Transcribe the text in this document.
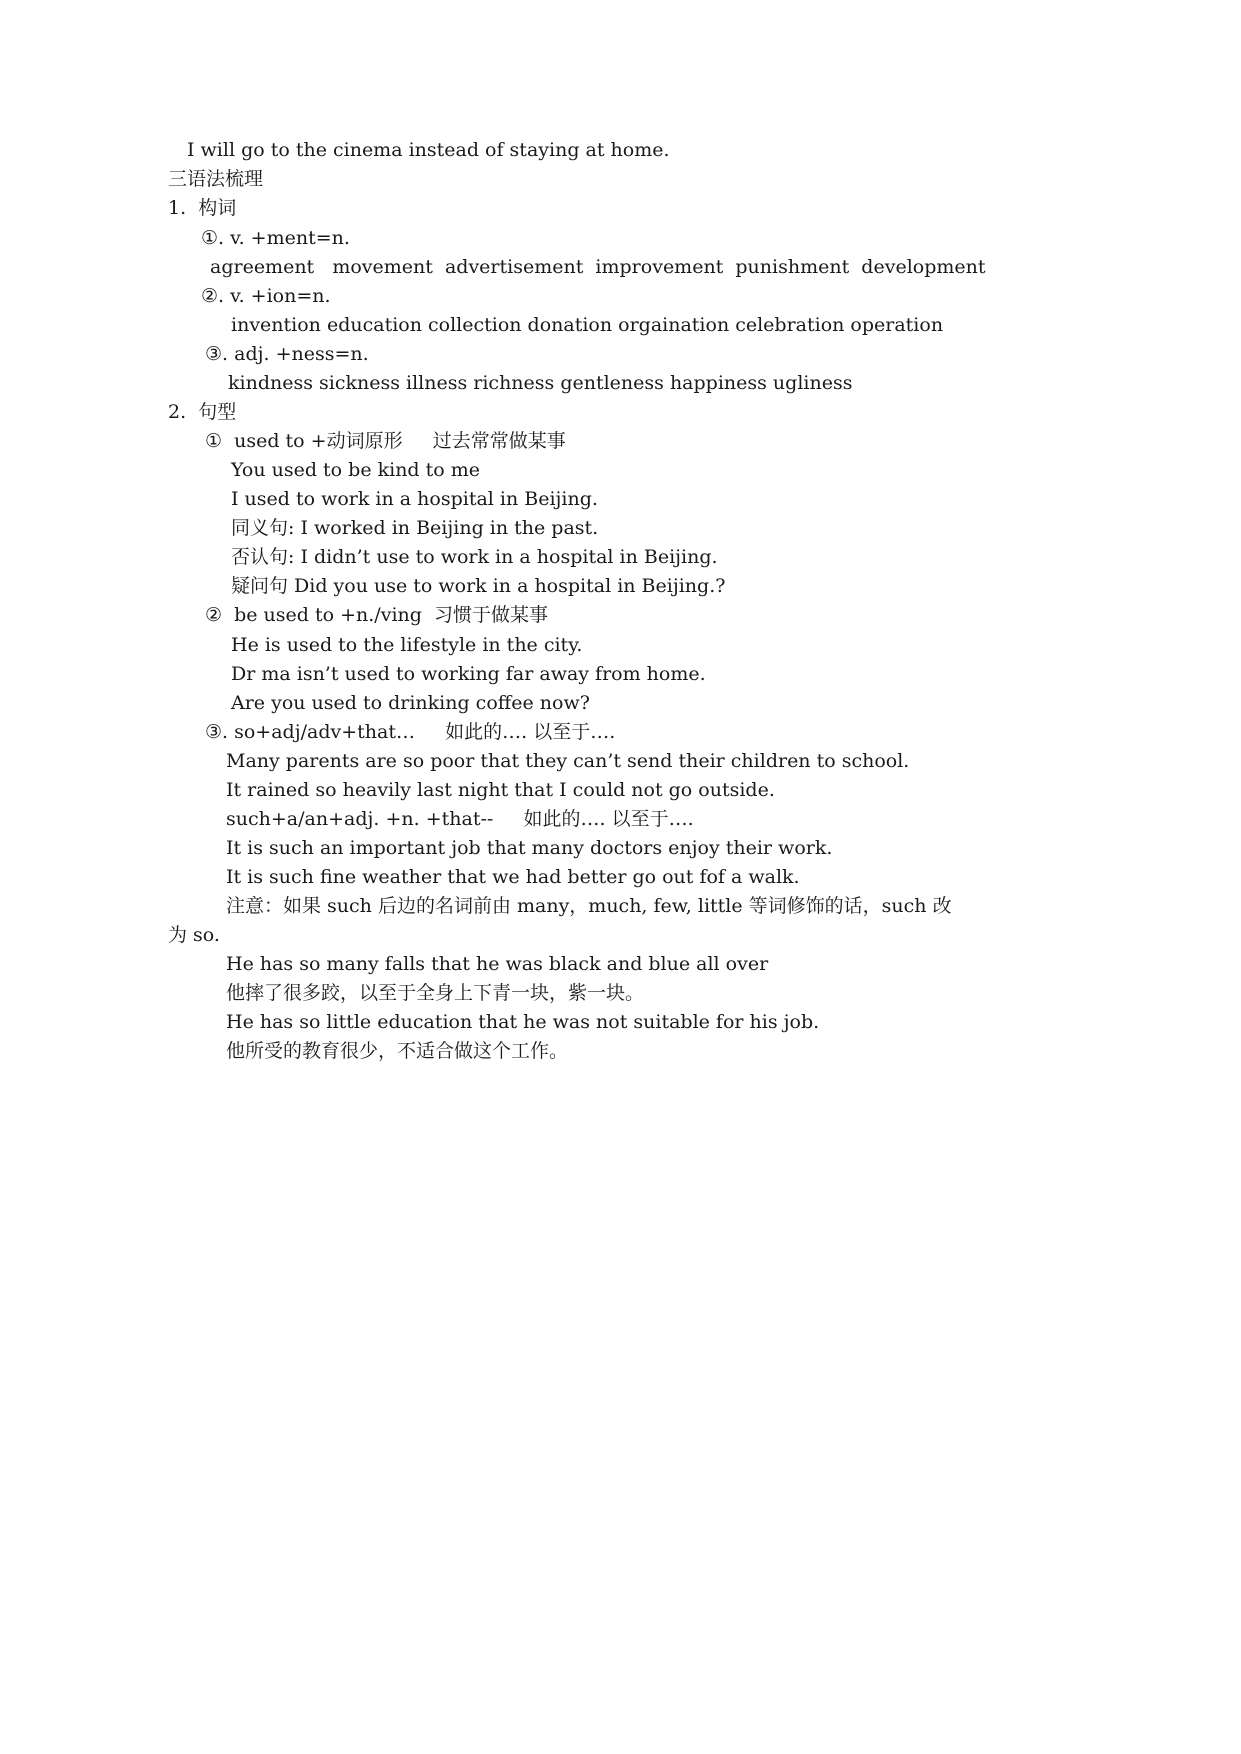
I will go to the cinema instead of staying at home.
三语法梳理
1.  构词
①. v. +ment=n.
agreement   movement  advertisement  improvement  punishment  development
②. v. +ion=n.
invention education collection donation orgaination celebration operation
③. adj. +ness=n.
kindness sickness illness richness gentleness happiness ugliness
2.  句型
①  used to +动词原形     过去常常做某事
You used to be kind to me
I used to work in a hospital in Beijing.
同义句: I worked in Beijing in the past.
否认句: I didn’t use to work in a hospital in Beijing.
疑问句 Did you use to work in a hospital in Beijing.?
②  be used to +n./ving  习惯于做某事
He is used to the lifestyle in the city.
Dr ma isn’t used to working far away from home.
Are you used to drinking coffee now?
③. so+adj/adv+that…     如此的…. 以至于….
Many parents are so poor that they can’t send their children to school.
It rained so heavily last night that I could not go outside.
such+a/an+adj. +n. +that--     如此的…. 以至于….
It is such an important job that many doctors enjoy their work.
It is such fine weather that we had better go out fof a walk.
注意：如果 such 后边的名词前由 many，much, few, little 等词修饰的话，such 改
为 so.
He has so many falls that he was black and blue all over
他摔了很多跤，以至于全身上下青一块，紫一块。
He has so little education that he was not suitable for his job.
他所受的教育很少，不适合做这个工作。
